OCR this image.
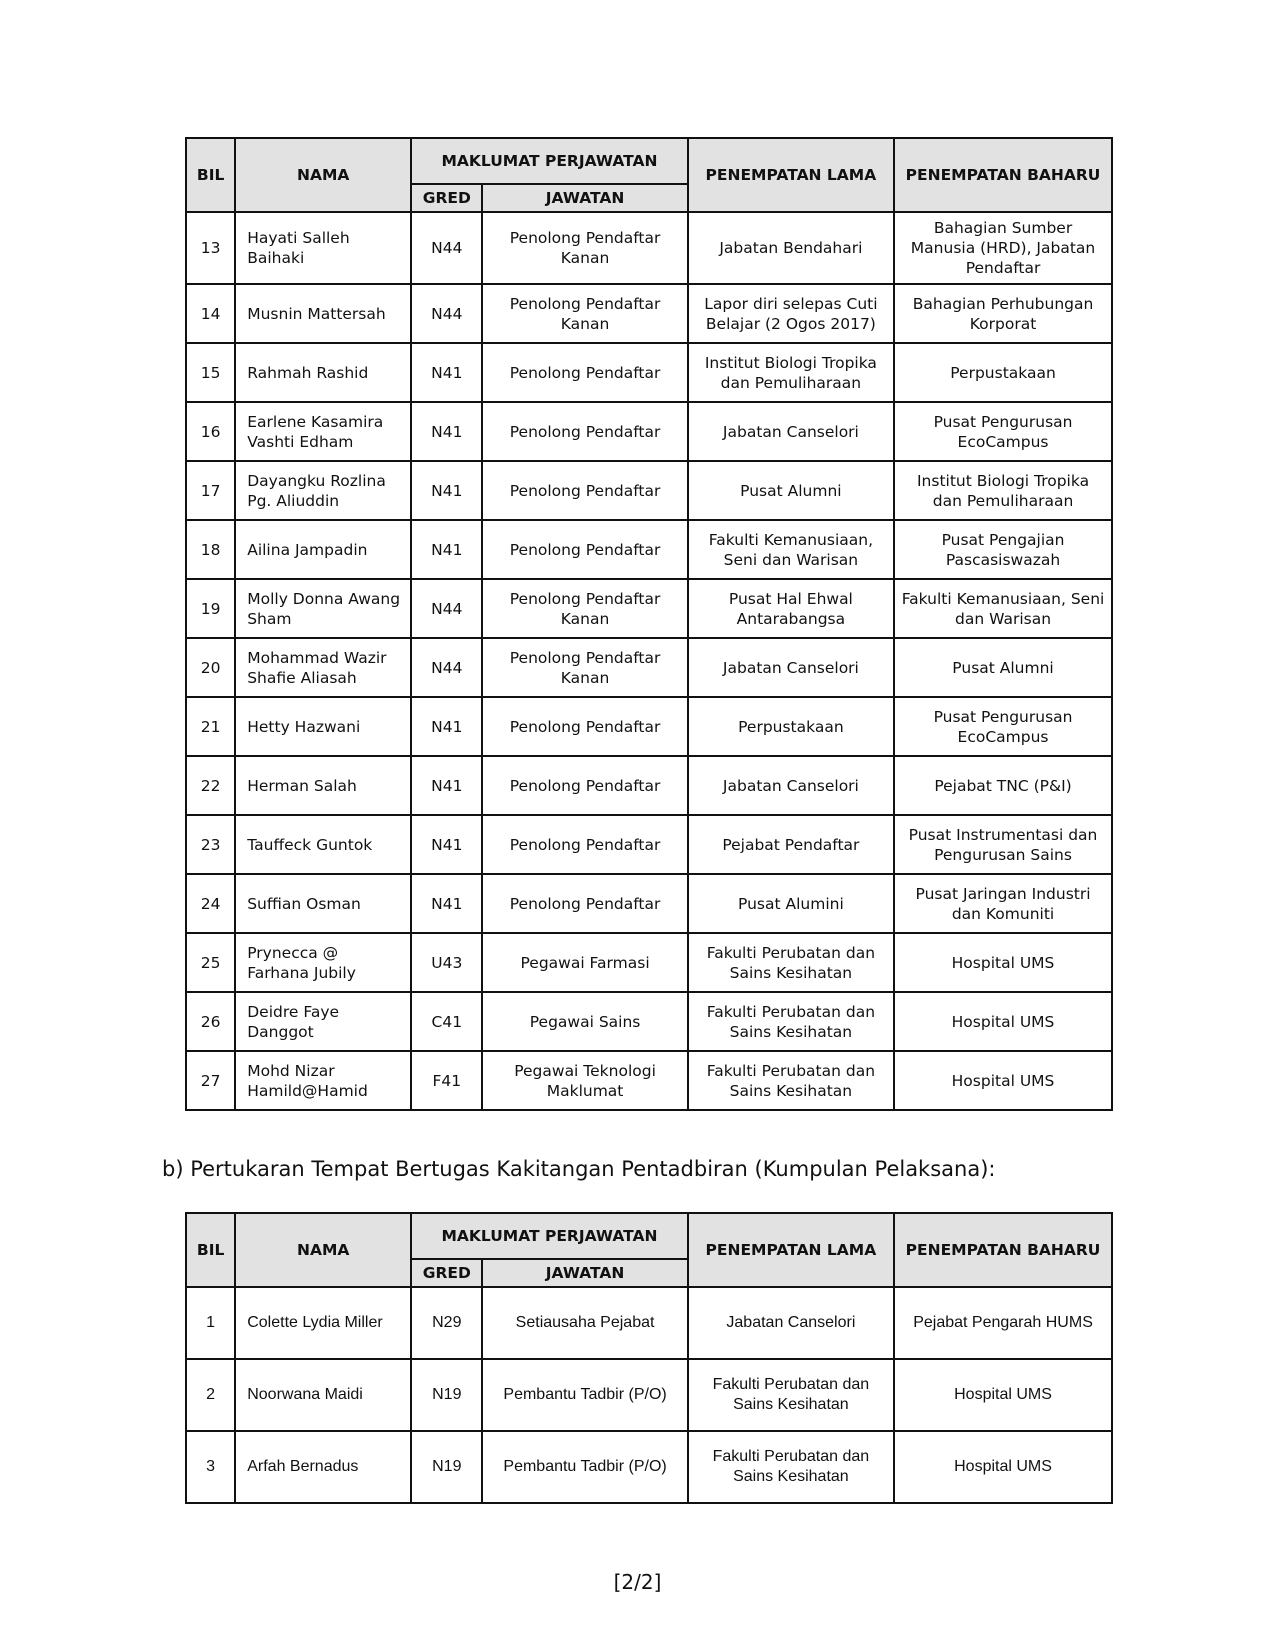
BIL	NAMA	MAKLUMAT PERJAWATAN		PENEMPATAN LAMA	PENEMPATAN BAHARU
		GRED	JAWATAN		
13	Hayati Salleh Baihaki	N44	Penolong Pendaftar Kanan	Jabatan Bendahari	Bahagian Sumber Manusia (HRD), Jabatan Pendaftar
14	Musnin Mattersah	N44	Penolong Pendaftar Kanan	Lapor diri selepas Cuti Belajar (2 Ogos 2017)	Bahagian Perhubungan Korporat
15	Rahmah Rashid	N41	Penolong Pendaftar	Institut Biologi Tropika dan Pemuliharaan	Perpustakaan
16	Earlene Kasamira Vashti Edham	N41	Penolong Pendaftar	Jabatan Canselori	Pusat Pengurusan EcoCampus
17	Dayangku Rozlina Pg. Aliuddin	N41	Penolong Pendaftar	Pusat Alumni	Institut Biologi Tropika dan Pemuliharaan
18	Ailina Jampadin	N41	Penolong Pendaftar	Fakulti Kemanusiaan, Seni dan Warisan	Pusat Pengajian Pascasiswazah
19	Molly Donna Awang Sham	N44	Penolong Pendaftar Kanan	Pusat Hal Ehwal Antarabangsa	Fakulti Kemanusiaan, Seni dan Warisan
20	Mohammad Wazir Shafie Aliasah	N44	Penolong Pendaftar Kanan	Jabatan Canselori	Pusat Alumni
21	Hetty Hazwani	N41	Penolong Pendaftar	Perpustakaan	Pusat Pengurusan EcoCampus
22	Herman Salah	N41	Penolong Pendaftar	Jabatan Canselori	Pejabat TNC (P&I)
23	Tauffeck Guntok	N41	Penolong Pendaftar	Pejabat Pendaftar	Pusat Instrumentasi dan Pengurusan Sains
24	Suffian Osman	N41	Penolong Pendaftar	Pusat Alumini	Pusat Jaringan Industri dan Komuniti
25	Prynecca @ Farhana Jubily	U43	Pegawai Farmasi	Fakulti Perubatan dan Sains Kesihatan	Hospital UMS
26	Deidre Faye Danggot	C41	Pegawai Sains	Fakulti Perubatan dan Sains Kesihatan	Hospital UMS
27	Mohd Nizar Hamild@Hamid	F41	Pegawai Teknologi Maklumat	Fakulti Perubatan dan Sains Kesihatan	Hospital UMS
b) Pertukaran Tempat Bertugas Kakitangan Pentadbiran (Kumpulan Pelaksana):
BIL	NAMA	MAKLUMAT PERJAWATAN		PENEMPATAN LAMA	PENEMPATAN BAHARU
		GRED	JAWATAN		
1	Colette Lydia Miller	N29	Setiausaha Pejabat	Jabatan Canselori	Pejabat Pengarah HUMS
2	Noorwana Maidi	N19	Pembantu Tadbir (P/O)	Fakulti Perubatan dan Sains Kesihatan	Hospital UMS
3	Arfah Bernadus	N19	Pembantu Tadbir (P/O)	Fakulti Perubatan dan Sains Kesihatan	Hospital UMS
[2/2]
